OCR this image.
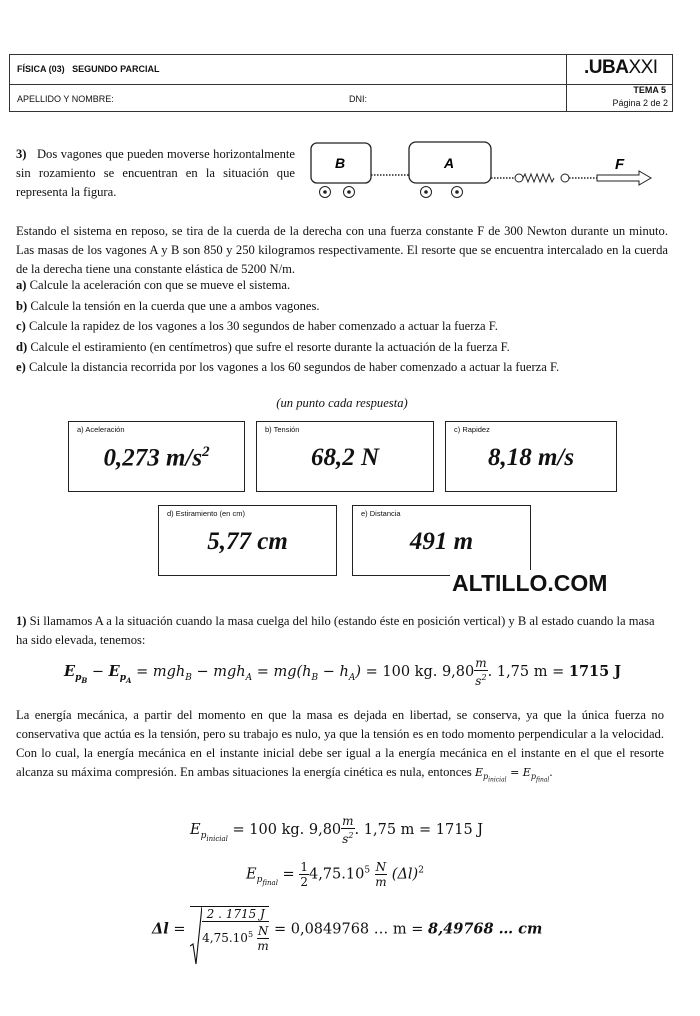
FÍSICA (03)   SEGUNDO PARCIAL	.UBAXXI
APELLIDO Y NOMBRE:	DNI:
TEMA 5
Página 2 de 2
3) Dos vagones que pueden moverse horizontalmente sin rozamiento se encuentran en la situación que representa la figura.
B	A	F
Estando el sistema en reposo, se tira de la cuerda de la derecha con una fuerza constante F de 300 Newton durante un minuto. Las masas de los vagones A y B son 850 y 250 kilogramos respectivamente. El resorte que se encuentra intercalado en la cuerda de la derecha tiene una constante elástica de 5200 N/m.
a) Calcule la aceleración con que se mueve el sistema.
b) Calcule la tensión en la cuerda que une a ambos vagones.
c) Calcule la rapidez de los vagones a los 30 segundos de haber comenzado a actuar la fuerza F.
d) Calcule el estiramiento (en centímetros) que sufre el resorte durante la actuación de la fuerza F.
e) Calcule la distancia recorrida por los vagones a los 60 segundos de haber comenzado a actuar la fuerza F.
(un punto cada respuesta)
a) Aceleración
0,273 $m/s^2$
b) Tensión
68,2 N
c) Rapidez
8,18 m/s
d) Estiramiento (en cm)
5,77 cm
e) Distancia
491 m
ALTILLO.COM
1) Si llamamos A a la situación cuando la masa cuelga del hilo (estando éste en posición vertical) y B al estado cuando la masa ha sido elevada, tenemos:
$E_{p_B} - E_{p_A} = mgh_B - mgh_A = mg(h_B - h_A) = 100$ kg. $9,80 \frac{m}{s^2}$ . 1,75 m = 1715 J
La energía mecánica, a partir del momento en que la masa es dejada en libertad, se conserva, ya que la única fuerza no conservativa que actúa es la tensión, pero su trabajo es nulo, ya que la tensión es en todo momento perpendicular a la velocidad. Con lo cual, la energía mecánica en el instante inicial debe ser igual a la energía mecánica en el instante en el que el resorte alcanza su máxima compresión. En ambas situaciones la energía cinética es nula, entonces $E_{p_{inicial}} = E_{p_{final}}$.
$E_{p_{inicial}} = 100$ kg. $9,80 \frac{m}{s^2}$ . 1,75 m = 1715 J
$E_{p_{final}} = \frac{1}{2} 4,75.10^5 \frac{N}{m} (\Delta l)^2$
$\Delta l = \frac{2 . 1715 J}{4,75.10^5 \frac{N}{m}} = 0,0849768$ … m = 8,49768 … cm
